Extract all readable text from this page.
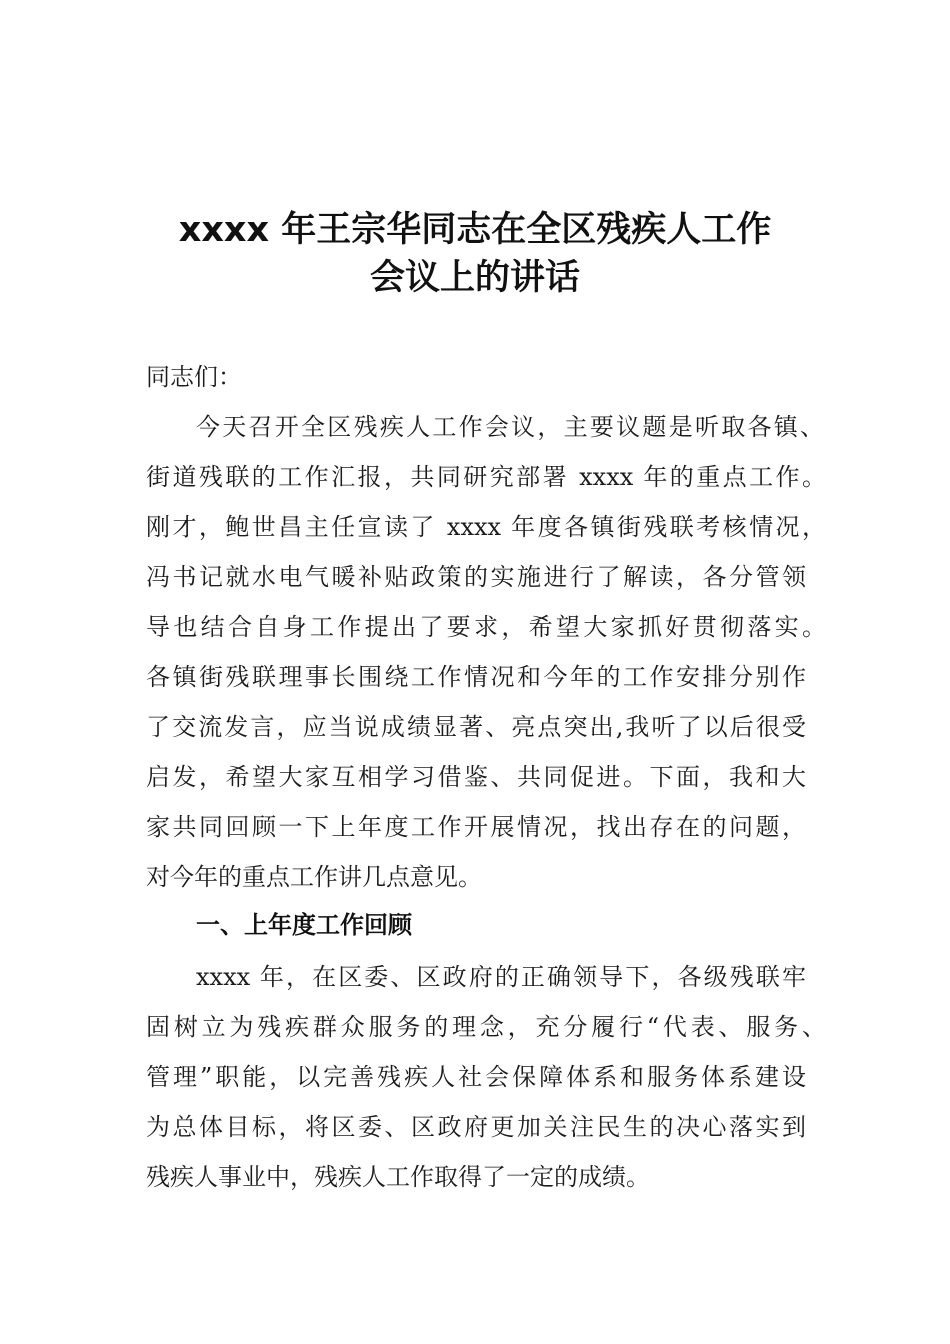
xxxx 年王宗华同志在全区残疾人工作
会议上的讲话

同志们：

今天召开全区残疾人工作会议，主要议题是听取各镇、

街道残联的工作汇报，共同研究部署 xxxx 年的重点工作。

刚才，鲍世昌主任宣读了 xxxx 年度各镇街残联考核情况，

冯书记就水电气暖补贴政策的实施进行了解读，各分管领

导也结合自身工作提出了要求，希望大家抓好贯彻落实。

各镇街残联理事长围绕工作情况和今年的工作安排分别作

了交流发言，应当说成绩显著、亮点突出,我听了以后很受

启发，希望大家互相学习借鉴、共同促进。下面，我和大

家共同回顾一下上年度工作开展情况，找出存在的问题，

对今年的重点工作讲几点意见。

一、上年度工作回顾

xxxx 年，在区委、区政府的正确领导下，各级残联牢

固树立为残疾群众服务的理念，充分履行“代表、服务、

管理”职能，以完善残疾人社会保障体系和服务体系建设

为总体目标，将区委、区政府更加关注民生的决心落实到

残疾人事业中，残疾人工作取得了一定的成绩。
